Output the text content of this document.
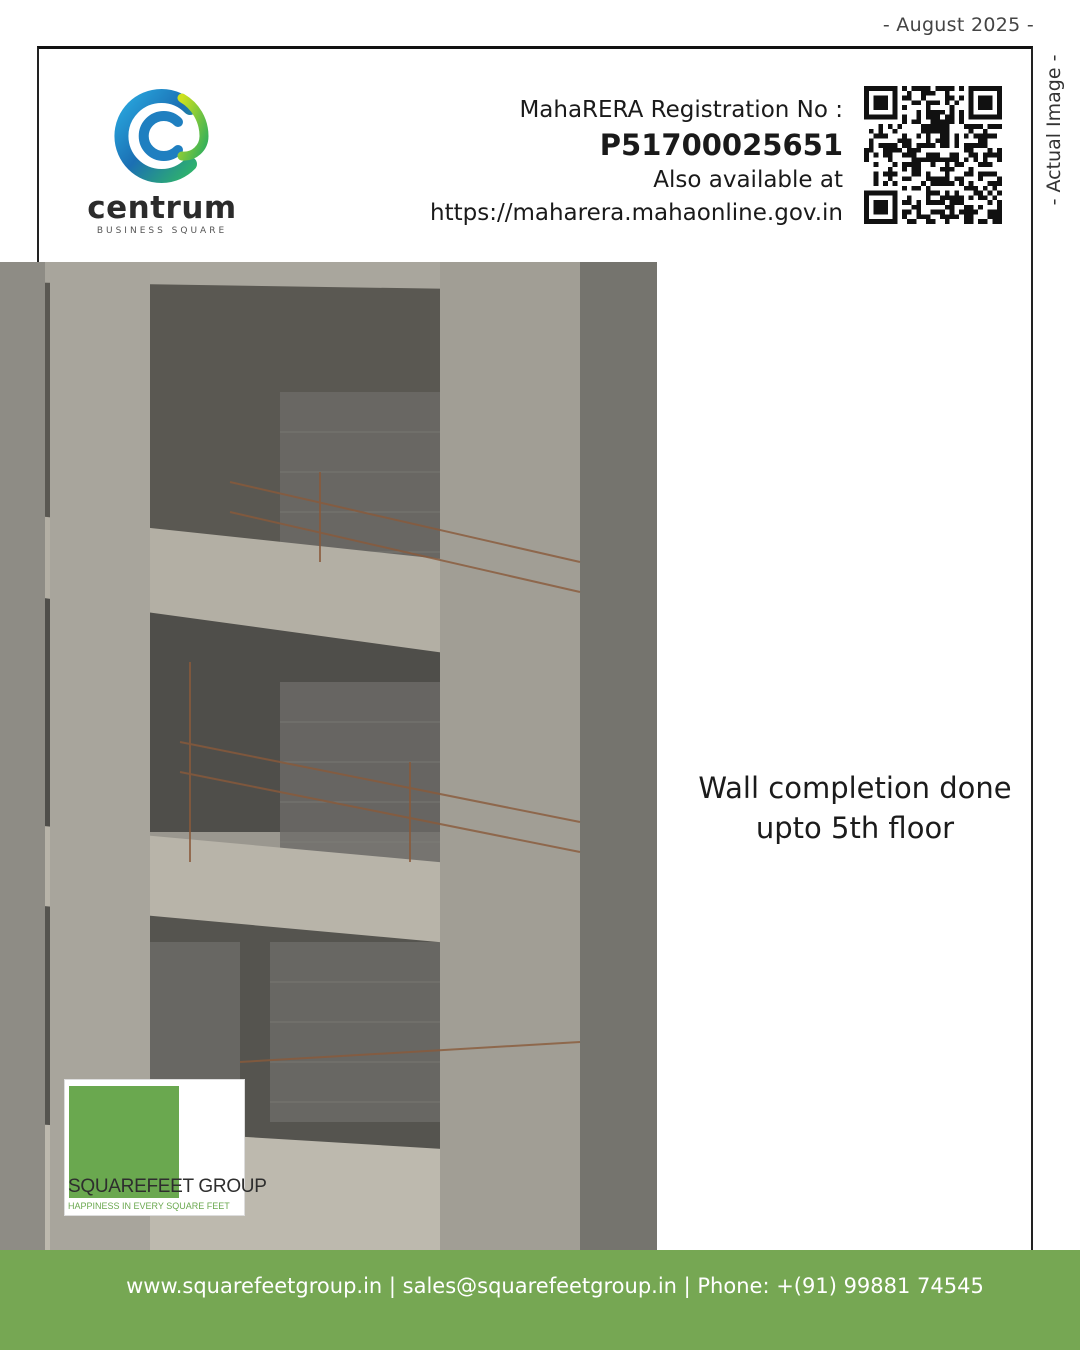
- August 2025 -
- Actual Image -
centrum
BUSINESS SQUARE
MahaRERA Registration No :
P51700025651
Also available at
https://maharera.mahaonline.gov.in
Wall completion done
upto 5th floor
SQUAREFEET GROUP
HAPPINESS IN EVERY SQUARE FEET
www.squarefeetgroup.in | sales@squarefeetgroup.in | Phone: +(91) 99881 74545
